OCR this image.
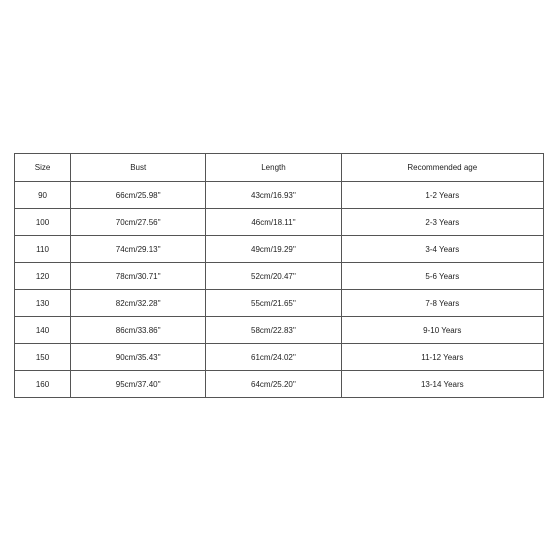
Size	Bust	Length	Recommended age
90	66cm/25.98''	43cm/16.93''	1-2 Years
100	70cm/27.56''	46cm/18.11''	2-3 Years
110	74cm/29.13''	49cm/19.29''	3-4 Years
120	78cm/30.71''	52cm/20.47''	5-6 Years
130	82cm/32.28''	55cm/21.65''	7-8 Years
140	86cm/33.86''	58cm/22.83''	9-10 Years
150	90cm/35.43''	61cm/24.02''	11-12 Years
160	95cm/37.40''	64cm/25.20''	13-14 Years
